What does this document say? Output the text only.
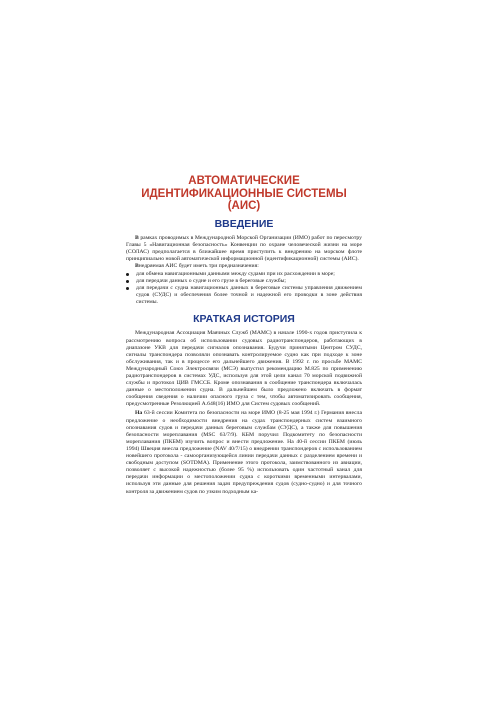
АВТОМАТИЧЕСКИЕ
ИДЕНТИФИКАЦИОННЫЕ СИСТЕМЫ (АИС)
ВВЕДЕНИЕ

В рамках проводимых в Международной Морской Организации (ИМО) работ по пересмотру Главы 5 «Навигационная безопасность» Конвенции по охране человеческой жизни на море (СОЛАС) предполагается в ближайшее время приступить к внедрению на морском флоте принципиально новой автоматической информационной (идентификационной) системы (АИС).

Внедряемая АИС будет иметь три предназначения:

для обмена навигационными данными между судами при их расхождении в море;
для передачи данных о судне и его грузе в береговые службы;
для передачи с судна навигационных данных в береговые системы управления движением судов (СУДС) и обеспечения более точной и надежной его проводки в зоне действия системы.
КРАТКАЯ ИСТОРИЯ

Международная Ассоциация Маячных Служб (МАМС) в начале 1990-х годов приступила к рассмотрению вопроса об использовании судовых радиотранспондеров, работающих в диапазоне УКВ для передачи сигналов опознавания. Будучи принятыми Центром СУДС, сигналы транспондера позволяли опознавать контролируемое судно как при подходе к зоне обслуживания, так и в процессе его дальнейшего движения. В 1992 г. по просьбе МАМС Международный Союз Электросвязи (МСЭ) выпустил рекомендацию М.825 по применению радиотранспондеров в системах УДС, используя для этой цели канал 70 морской подвижной службы и протокол ЦИВ ГМССБ. Кроме опознавания в сообщение транспондера включалась данные о местоположении судна. В дальнейшем было предложено включать в формат сообщения сведения о наличии опасного груза с тем, чтобы автоматизировать сообщения, предусмотренные Резолюцией A.648(16) ИМО для Систем судовых сообщений.

На 63-й сессии Комитета по безопасности на море ИМО (8-25 мая 1994 г.) Германия внесла предложение о необходимости внедрения на судах транспондерных систем взаимного опознавания судов и передачи данных береговым службам (СУДС), а также для повышения безопасности мореплавания (MSC 63/7/9). КБМ поручил Подкомитету по безопасности мореплавания (ПКБМ) изучить вопрос и внести предложение. На 40-й сессии ПКБМ (июль 1994) Швеция внесла предложение (NAV 40/7/15) о внедрении транспондеров с использованием новейшего протокола - самоорганизующейся линии передачи данных с разделением времени и свободным доступом (SOTDMA). Применение этого протокола, заимствованного из авиации, позволяет с высокой надежностью (более 95 %) использовать один частотный канал для передачи информации о местоположении судна с короткими временными интервалами, используя эти данные для решения задач предупреждения судов (судно-судно) и для точного контроля за движением судов по узким подходным ка-
